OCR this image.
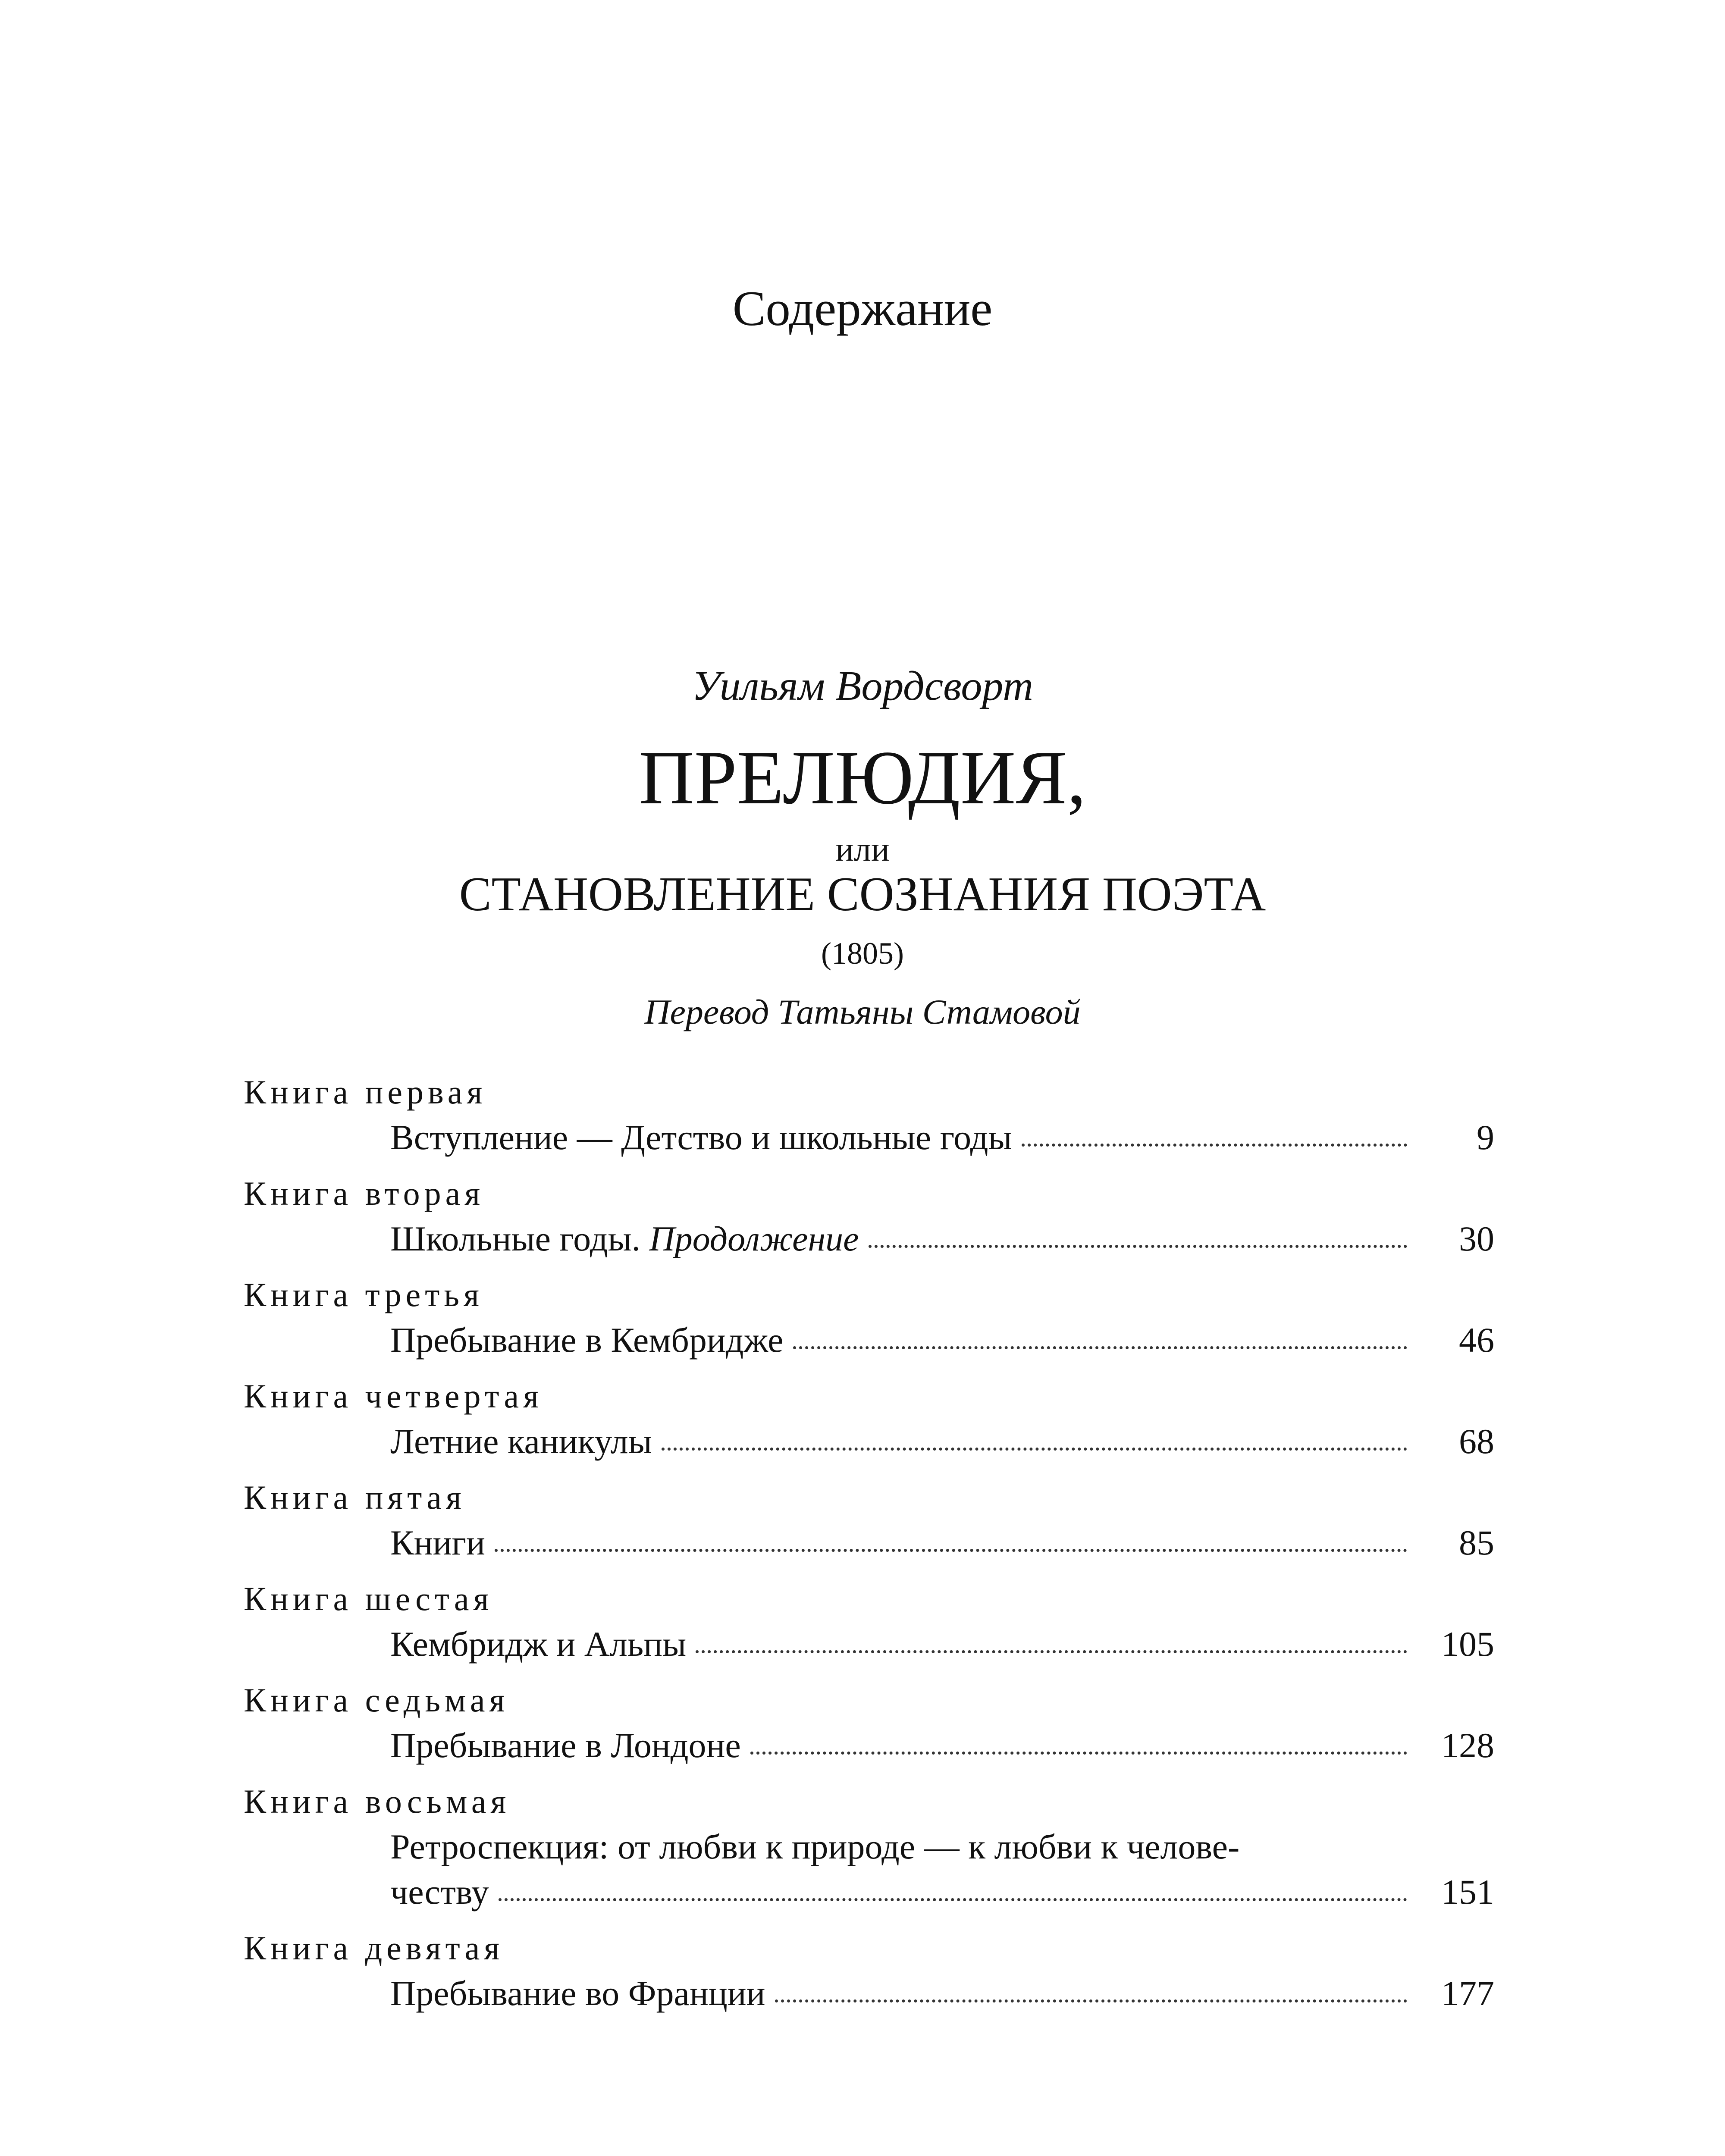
Содержание
Уильям Вордсворт
ПРЕЛЮДИЯ,
или
СТАНОВЛЕНИЕ СОЗНАНИЯ ПОЭТА
(1805)
Перевод Татьяны Стамовой
Книга первая
Вступление — Детство и школьные годы	9
Книга вторая
Школьные годы. Продолжение	30
Книга третья
Пребывание в Кембридже	46
Книга четвертая
Летние каникулы	68
Книга пятая
Книги	85
Книга шестая
Кембридж и Альпы	105
Книга седьмая
Пребывание в Лондоне	128
Книга восьмая
Ретроспекция: от любви к природе — к любви к челове-
честву	151
Книга девятая
Пребывание во Франции	177
